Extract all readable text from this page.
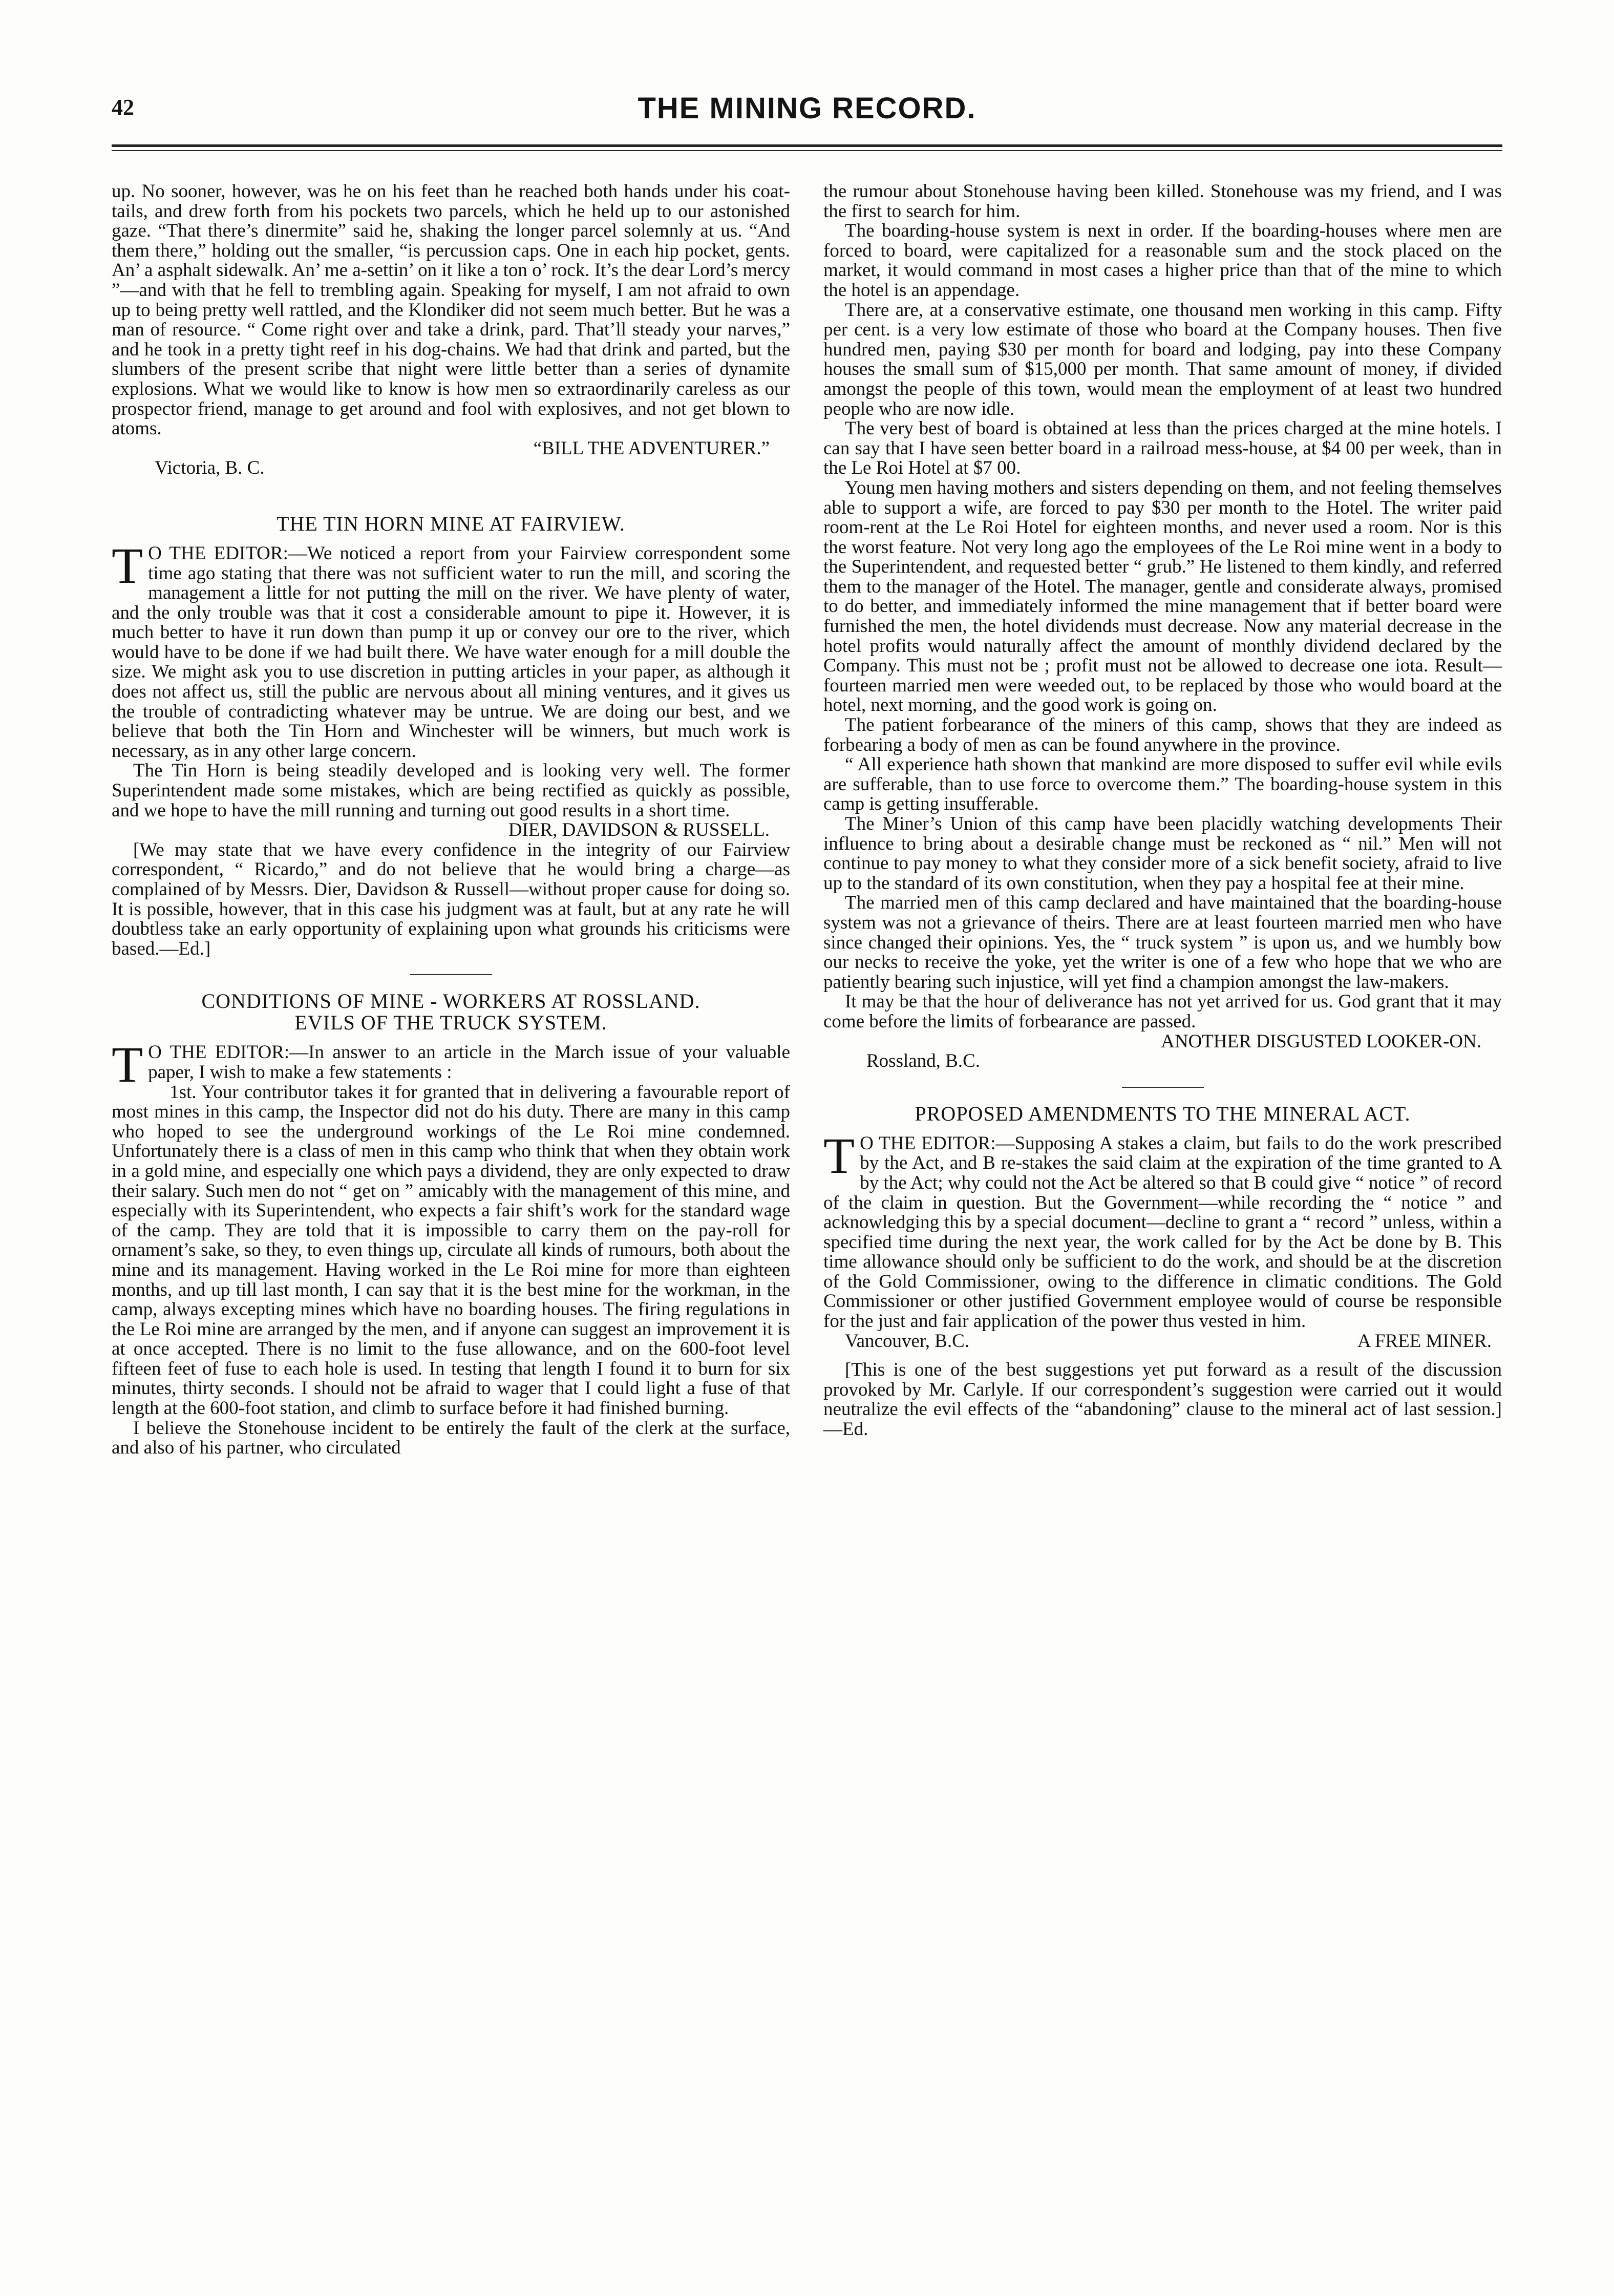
42	THE MINING RECORD.

up. No sooner, however, was he on his feet than he reached both hands under his coat-tails, and drew forth from his pockets two parcels, which he held up to our astonished gaze. “That there’s dinermite” said he, shaking the longer parcel solemnly at us. “And them there,” holding out the smaller, “is percussion caps. One in each hip pocket, gents. An’ a asphalt sidewalk. An’ me a-settin’ on it like a ton o’ rock. It’s the dear Lord’s mercy ”—and with that he fell to trembling again. Speaking for myself, I am not afraid to own up to being pretty well rattled, and the Klondiker did not seem much better. But he was a man of resource. “ Come right over and take a drink, pard. That’ll steady your narves,” and he took in a pretty tight reef in his dog-chains. We had that drink and parted, but the slumbers of the present scribe that night were little better than a series of dynamite explosions. What we would like to know is how men so extraordinarily careless as our prospector friend, manage to get around and fool with explosives, and not get blown to atoms.

“BILL THE ADVENTURER.”

Victoria, B. C.

THE TIN HORN MINE AT FAIRVIEW.

T O THE EDITOR:—We noticed a report from your Fairview correspondent some time ago stating that there was not sufficient water to run the mill, and scoring the management a little for not putting the mill on the river. We have plenty of water, and the only trouble was that it cost a considerable amount to pipe it. However, it is much better to have it run down than pump it up or convey our ore to the river, which would have to be done if we had built there. We have water enough for a mill double the size. We might ask you to use discretion in putting articles in your paper, as although it does not affect us, still the public are nervous about all mining ventures, and it gives us the trouble of contradicting whatever may be untrue. We are doing our best, and we believe that both the Tin Horn and Winchester will be winners, but much work is necessary, as in any other large concern.

The Tin Horn is being steadily developed and is looking very well. The former Superintendent made some mistakes, which are being rectified as quickly as possible, and we hope to have the mill running and turning out good results in a short time.

DIER, DAVIDSON & RUSSELL.

[We may state that we have every confidence in the integrity of our Fairview correspondent, “ Ricardo,” and do not believe that he would bring a charge—as complained of by Messrs. Dier, Davidson & Russell—without proper cause for doing so. It is possible, however, that in this case his judgment was at fault, but at any rate he will doubtless take an early opportunity of explaining upon what grounds his criticisms were based.—Ed.]

CONDITIONS OF MINE - WORKERS AT ROSSLAND.
EVILS OF THE TRUCK SYSTEM.

T O THE EDITOR:—In answer to an article in the March issue of your valuable paper, I wish to make a few statements :

1st. Your contributor takes it for granted that in delivering a favourable report of most mines in this camp, the Inspector did not do his duty. There are many in this camp who hoped to see the underground workings of the Le Roi mine condemned. Unfortunately there is a class of men in this camp who think that when they obtain work in a gold mine, and especially one which pays a dividend, they are only expected to draw their salary. Such men do not “ get on ” amicably with the management of this mine, and especially with its Superintendent, who expects a fair shift’s work for the standard wage of the camp. They are told that it is impossible to carry them on the pay-roll for ornament’s sake, so they, to even things up, circulate all kinds of rumours, both about the mine and its management. Having worked in the Le Roi mine for more than eighteen months, and up till last month, I can say that it is the best mine for the workman, in the camp, always excepting mines which have no boarding houses. The firing regulations in the Le Roi mine are arranged by the men, and if anyone can suggest an improvement it is at once accepted. There is no limit to the fuse allowance, and on the 600-foot level fifteen feet of fuse to each hole is used. In testing that length I found it to burn for six minutes, thirty seconds. I should not be afraid to wager that I could light a fuse of that length at the 600-foot station, and climb to surface before it had finished burning.

I believe the Stonehouse incident to be entirely the fault of the clerk at the surface, and also of his partner, who circulated

the rumour about Stonehouse having been killed. Stonehouse was my friend, and I was the first to search for him.

The boarding-house system is next in order. If the boarding-houses where men are forced to board, were capitalized for a reasonable sum and the stock placed on the market, it would command in most cases a higher price than that of the mine to which the hotel is an appendage.

There are, at a conservative estimate, one thousand men working in this camp. Fifty per cent. is a very low estimate of those who board at the Company houses. Then five hundred men, paying $30 per month for board and lodging, pay into these Company houses the small sum of $15,000 per month. That same amount of money, if divided amongst the people of this town, would mean the employment of at least two hundred people who are now idle.

The very best of board is obtained at less than the prices charged at the mine hotels. I can say that I have seen better board in a railroad mess-house, at $4 00 per week, than in the Le Roi Hotel at $7 00.

Young men having mothers and sisters depending on them, and not feeling themselves able to support a wife, are forced to pay $30 per month to the Hotel. The writer paid room-rent at the Le Roi Hotel for eighteen months, and never used a room. Nor is this the worst feature. Not very long ago the employees of the Le Roi mine went in a body to the Superintendent, and requested better “ grub.” He listened to them kindly, and referred them to the manager of the Hotel. The manager, gentle and considerate always, promised to do better, and immediately informed the mine management that if better board were furnished the men, the hotel dividends must decrease. Now any material decrease in the hotel profits would naturally affect the amount of monthly dividend declared by the Company. This must not be ; profit must not be allowed to decrease one iota. Result—fourteen married men were weeded out, to be replaced by those who would board at the hotel, next morning, and the good work is going on.

The patient forbearance of the miners of this camp, shows that they are indeed as forbearing a body of men as can be found anywhere in the province.

“ All experience hath shown that mankind are more disposed to suffer evil while evils are sufferable, than to use force to overcome them.” The boarding-house system in this camp is getting insufferable.

The Miner’s Union of this camp have been placidly watching developments Their influence to bring about a desirable change must be reckoned as “ nil.” Men will not continue to pay money to what they consider more of a sick benefit society, afraid to live up to the standard of its own constitution, when they pay a hospital fee at their mine.

The married men of this camp declared and have maintained that the boarding-house system was not a grievance of theirs. There are at least fourteen married men who have since changed their opinions. Yes, the “ truck system ” is upon us, and we humbly bow our necks to receive the yoke, yet the writer is one of a few who hope that we who are patiently bearing such injustice, will yet find a champion amongst the law-makers.

It may be that the hour of deliverance has not yet arrived for us. God grant that it may come before the limits of forbearance are passed.

ANOTHER DISGUSTED LOOKER-ON.

Rossland, B.C.

PROPOSED AMENDMENTS TO THE MINERAL ACT.

T O THE EDITOR:—Supposing A stakes a claim, but fails to do the work prescribed by the Act, and B re-stakes the said claim at the expiration of the time granted to A by the Act; why could not the Act be altered so that B could give “ notice ” of record of the claim in question. But the Government—while recording the “ notice ” and acknowledging this by a special document—decline to grant a “ record ” unless, within a specified time during the next year, the work called for by the Act be done by B. This time allowance should only be sufficient to do the work, and should be at the discretion of the Gold Commissioner, owing to the difference in climatic conditions. The Gold Commissioner or other justified Government employee would of course be responsible for the just and fair application of the power thus vested in him.

Vancouver, B.C.	A FREE MINER.

[This is one of the best suggestions yet put forward as a result of the discussion provoked by Mr. Carlyle. If our correspondent’s suggestion were carried out it would neutralize the evil effects of the “abandoning” clause to the mineral act of last session.]—Ed.
